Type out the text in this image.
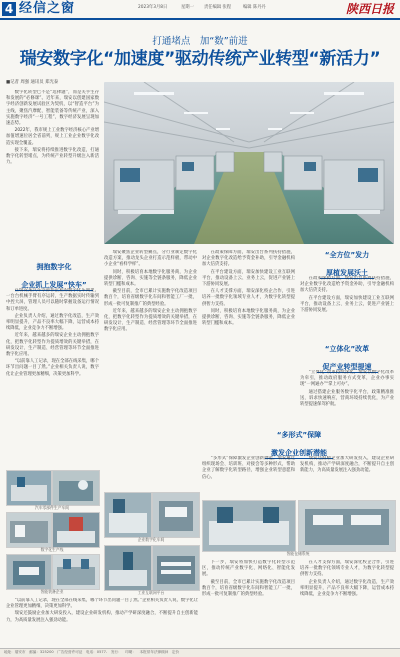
4 经信之窗	2023年3月8日	星期一 责任编辑 张程	编辑 陈丹丹	陕西日报
打通堵点　加“数”前进
瑞安数字化“加速度”驱动传统产业转型“新活力”
■记者 周强 通讯员 郑光泰

数字化转型已不是“选择题”，而是关乎生存和发展的“必修课”。近年来，瑞安以创建国家数字经济创新发展试验区为契机，以“智造平台”为主线，聚焦汽摩配、智能装备等传统产业，深入实施数字经济“一号工程”，数字经济发展呈现加速态势。

2022年，我市规上工业数字经济核心产业增加值增速位居全省前列，规上工业企业数字化改造实现全覆盖。

接下来，瑞安将持续推进数字化改造，打通数字化转型堵点，为传统产业转型升级注入新活力。

拥抱数字化
企业抓上发展“快车”

在瑞安某汽车零部件企业的数字化车间里，一台台机械手臂有序运转，生产数据实时传输到中控大屏，管理人员可以随时掌握设备运行情况和订单进度。

企业负责人介绍，通过数字化改造，生产效率明显提升，产品不良率大幅下降，运营成本持续降低，企业竞争力不断增强。

近年来，越来越多的瑞安企业主动拥抱数字化，把数字化转型作为提质增效的关键举措，在研发设计、生产制造、经营管理等环节全面推进数字化应用。

“以前靠人工记录，现在全部在线采集，哪个环节出问题一目了然。”企业相关负责人说，数字化让企业管理更加精细，决策更加科学。

瑞安聚焦企业转型痛点，分行业制定数字化改造方案，推动龙头企业打造示范样板，带动中小企业“看样学样”。

同时，积极培育本地数字化服务商，为企业提供诊断、咨询、实施等全链条服务，降低企业转型门槛和成本。

截至目前，全市已累计实施数字化改造项目数百个，培育省级数字化车间和智能工厂一批，形成一批可复制推广的典型经验。

近年来，越来越多的瑞安企业主动拥抱数字化，把数字化转型作为提质增效的关键举措，在研发设计、生产制造、经营管理等环节全面推进数字化应用。

在政策保障方面，瑞安出台系列扶持措施，对企业数字化改造给予资金补助，引导金融机构加大信贷支持。

在平台建设方面，瑞安加快建设工业互联网平台，推动设备上云、业务上云，促进产业链上下游协同发展。

在人才支撑方面，瑞安深化校企合作，引进培养一批数字化领域专业人才，为数字化转型提供智力支持。

同时，积极培育本地数字化服务商，为企业提供诊断、咨询、实施等全链条服务，降低企业转型门槛和成本。

“全方位”发力
厚植发展沃土

在政策保障方面，瑞安出台系列扶持措施，对企业数字化改造给予资金补助，引导金融机构加大信贷支持。

在平台建设方面，瑞安加快建设工业互联网平台，推动设备上云、业务上云，促进产业链上下游协同发展。

“立体化”改革
促产业转型提速

“立体化”改革持续深化，瑞安以数字化改革为牵引，推动政府服务方式变革，企业办事实现“一网通办”“掌上可办”。

通过搭建企业服务数字化平台，政策精准推送、诉求快速响应，营商环境持续优化，为产业转型提速保驾护航。

“多形式”保障
激发企业创新潜能

“多形式”保障激发企业创新潜能。瑞安通过组织现场会、培训班、对接会等多种形式，帮助企业了解数字化转型路径，增强企业转型意愿和信心。

瑞安还鼓励企业加大研发投入，建设企业研发机构，推动产学研深度融合，不断提升自主创新能力，为高质量发展注入强劲动能。

汽车零部件生产车间
数字化生产线
智能装备企业
企业数字化车间
工业互联网平台
智能仓储系统

下一步，瑞安将加快打造数字化转型示范区，推动传统产业数字化、网络化、智能化发展。

截至目前，全市已累计实施数字化改造项目数百个，培育省级数字化车间和智能工厂一批，形成一批可复制推广的典型经验。

在人才支撑方面，瑞安深化校企合作，引进培养一批数字化领域专业人才，为数字化转型提供智力支持。

企业负责人介绍，通过数字化改造，生产效率明显提升，产品不良率大幅下降，运营成本持续降低，企业竞争力不断增强。

“以前靠人工记录，现在全部在线采集，哪个环节出问题一目了然。”企业相关负责人说，数字化让企业管理更加精细，决策更加科学。

瑞安还鼓励企业加大研发投入，建设企业研发机构，推动产学研深度融合，不断提升自主创新能力，为高质量发展注入强劲动能。

地址：瑞安市　邮编：325200　广告经营许可证　电话：0577-　发行：　印刷：　本报常年法律顾问　定价
